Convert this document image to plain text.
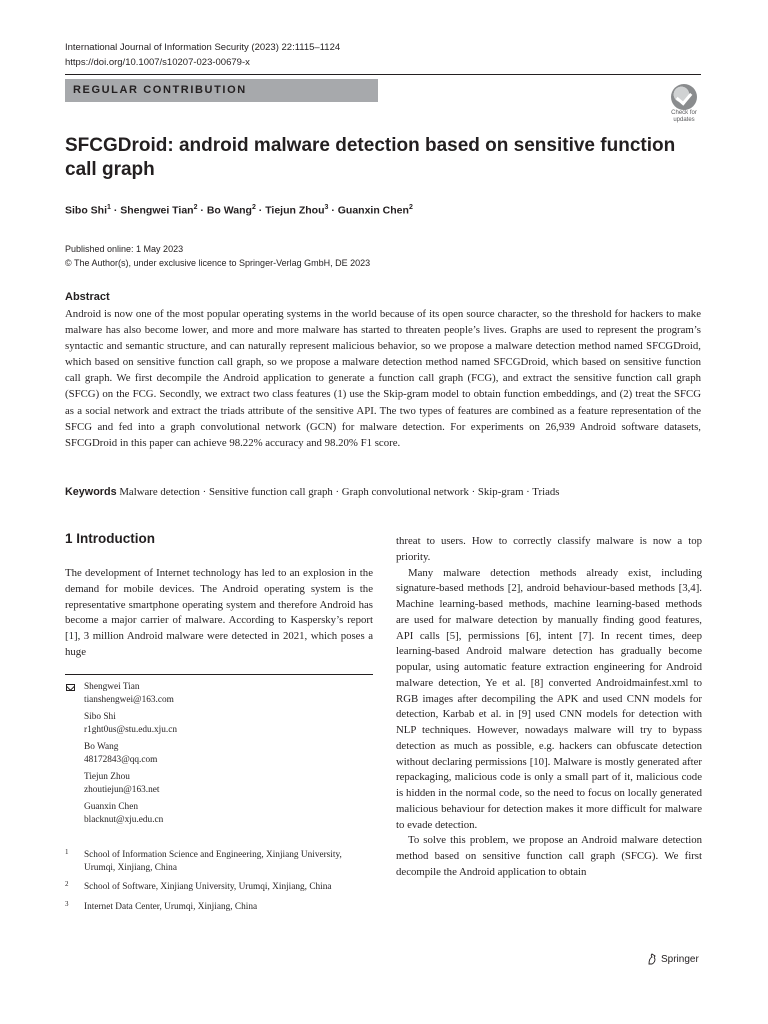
International Journal of Information Security (2023) 22:1115–1124
https://doi.org/10.1007/s10207-023-00679-x
REGULAR CONTRIBUTION
Check for
updates
SFCGDroid: android malware detection based on sensitive function call graph
Sibo Shi$^1$ · Shengwei Tian$^2$ · Bo Wang$^2$ · Tiejun Zhou$^3$ · Guanxin Chen$^2$
Published online: 1 May 2023
© The Author(s), under exclusive licence to Springer-Verlag GmbH, DE 2023
Abstract

Android is now one of the most popular operating systems in the world because of its open source character, so the threshold for hackers to make malware has also become lower, and more and more malware has started to threaten people’s lives. Graphs are used to represent the program’s syntactic and semantic structure, and can naturally represent malicious behavior, so we propose a malware detection method named SFCGDroid, which based on sensitive function call graph, so we propose a malware detection method named SFCGDroid, which based on sensitive function call graph. We first decompile the Android application to generate a function call graph (FCG), and extract the sensitive function call graph (SFCG) on the FCG. Secondly, we extract two class features (1) use the Skip-gram model to obtain function embeddings, and (2) treat the SFCG as a social network and extract the triads attribute of the sensitive API. The two types of features are combined as a feature representation of the SFCG and fed into a graph convolutional network (GCN) for malware detection. For experiments on 26,939 Android software datasets, SFCGDroid in this paper can achieve 98.22% accuracy and 98.20% F1 score.

Keywords Malware detection · Sensitive function call graph · Graph convolutional network · Skip-gram · Triads
1 Introduction

The development of Internet technology has led to an explosion in the demand for mobile devices. The Android operating system is the representative smartphone operating system and therefore Android has become a major carrier of malware. According to Kaspersky’s report [1], 3 million Android malware were detected in 2021, which poses a huge

Shengwei Tian
tianshengwei@163.com
Sibo Shi
r1ght0us@stu.edu.xju.cn
Bo Wang
48172843@qq.com
Tiejun Zhou
zhoutiejun@163.net
Guanxin Chen
blacknut@xju.edu.cn
1 School of Information Science and Engineering, Xinjiang University, Urumqi, Xinjiang, China
2 School of Software, Xinjiang University, Urumqi, Xinjiang, China
3 Internet Data Center, Urumqi, Xinjiang, China

threat to users. How to correctly classify malware is now a top priority.

Many malware detection methods already exist, including signature-based methods [2], android behaviour-based methods [3,4]. Machine learning-based methods, machine learning-based methods are used for malware detection by manually finding good features, API calls [5], permissions [6], intent [7]. In recent times, deep learning-based Android malware detection has gradually become popular, using automatic feature extraction engineering for Android malware detection, Ye et al. [8] converted Androidmainfest.xml to RGB images after decompiling the APK and used CNN models for detection, Karbab et al. in [9] used CNN models for detection with NLP techniques. However, nowadays malware will try to bypass detection as much as possible, e.g. hackers can obfuscate detection without declaring permissions [10]. Malware is mostly generated after repackaging, malicious code is only a small part of it, malicious code is hidden in the normal code, so the need to focus on locally generated malicious behaviour for detection makes it more difficult for malware to evade detection.

To solve this problem, we propose an Android malware detection method based on sensitive function call graph (SFCG). We first decompile the Android application to obtain

Springer
